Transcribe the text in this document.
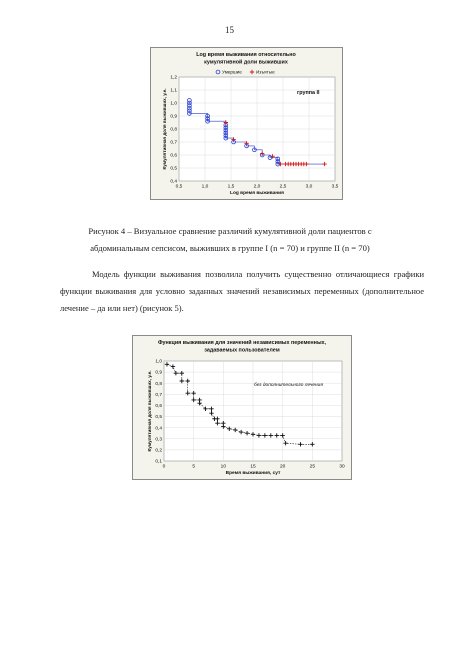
15
Log время выживания относительно
кумулятивной доли выживших
0,5	1,0	1,5	2,0	2,5	3,0	3,5
0,4
0,5
0,6
0,7
0,8
0,9
1,0
1,1
1,2
Log время выживания
Кумулятивная доля выживших, у.е.	группа II
Умершие	Изъятые
Рисунок 4 – Визуальное сравнение различий кумулятивной доли пациентов с абдоминальным сепсисом, выживших в группе I (n = 70) и группе II (n = 70)
Модель функции выживания позволила получить существенно отличающиеся графики функции выживания для условно заданных значений независимых переменных (дополнительное лечение – да или нет) (рисунок 5).
Функция выживания для значений независимых переменных,
задаваемых пользователем
0	5	10	15	20	25	30
0,1
0,2
0,3
0,4
0,5
0,6
0,7
0,8
0,9
1,0
Время выживания, сут
Кумулятивная доля выживших, у.е.	без дополнительного лечения
